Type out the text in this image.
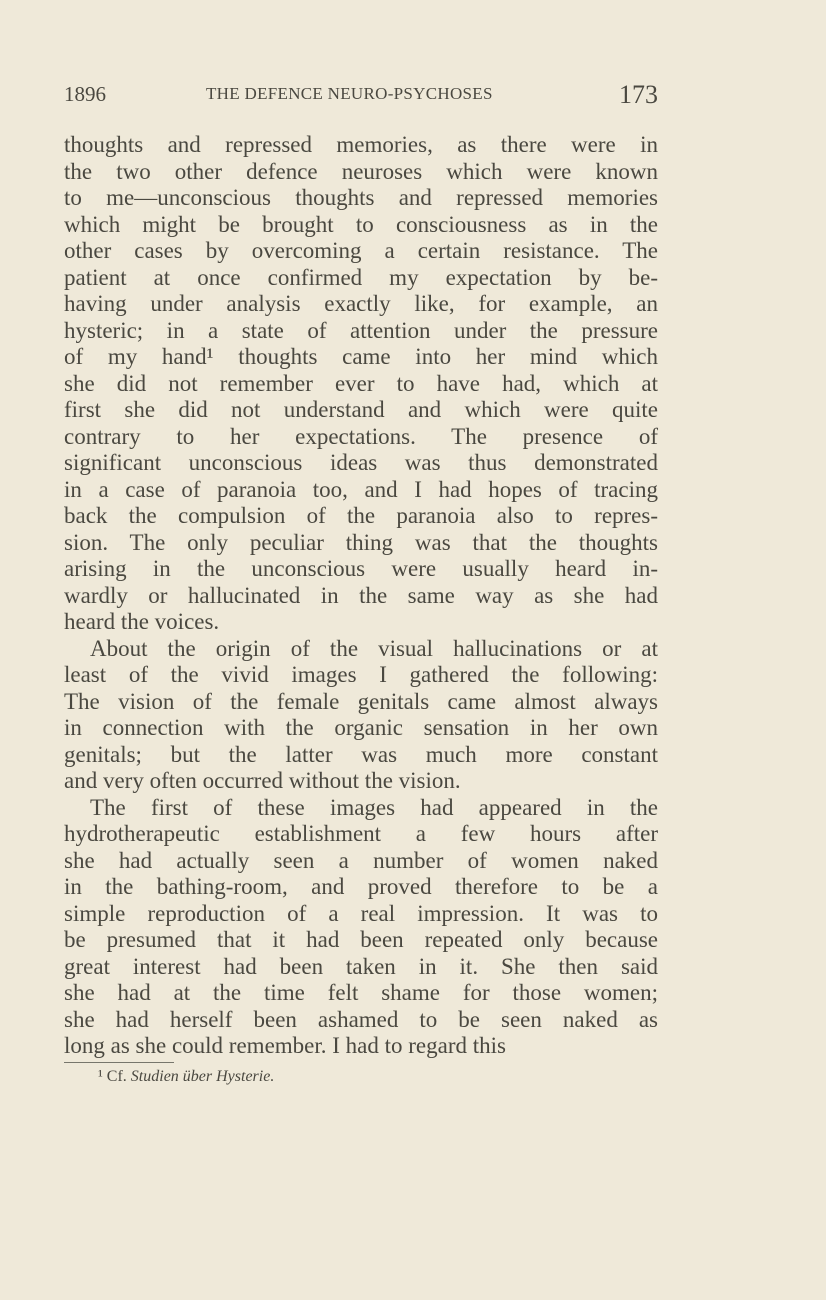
1896	THE DEFENCE NEURO-PSYCHOSES	173
thoughts and repressed memories, as there were in
the two other defence neuroses which were known
to me—unconscious thoughts and repressed memories
which might be brought to consciousness as in the
other cases by overcoming a certain resistance. The
patient at once confirmed my expectation by be-
having under analysis exactly like, for example, an
hysteric; in a state of attention under the pressure
of my hand¹ thoughts came into her mind which
she did not remember ever to have had, which at
first she did not understand and which were quite
contrary to her expectations. The presence of
significant unconscious ideas was thus demonstrated
in a case of paranoia too, and I had hopes of tracing
back the compulsion of the paranoia also to repres-
sion. The only peculiar thing was that the thoughts
arising in the unconscious were usually heard in-
wardly or hallucinated in the same way as she had
heard the voices.
About the origin of the visual hallucinations or at
least of the vivid images I gathered the following:
The vision of the female genitals came almost always
in connection with the organic sensation in her own
genitals; but the latter was much more constant
and very often occurred without the vision.
The first of these images had appeared in the
hydrotherapeutic establishment a few hours after
she had actually seen a number of women naked
in the bathing-room, and proved therefore to be a
simple reproduction of a real impression. It was to
be presumed that it had been repeated only because
great interest had been taken in it. She then said
she had at the time felt shame for those women;
she had herself been ashamed to be seen naked as
long as she could remember. I had to regard this
¹ Cf. Studien über Hysterie.
